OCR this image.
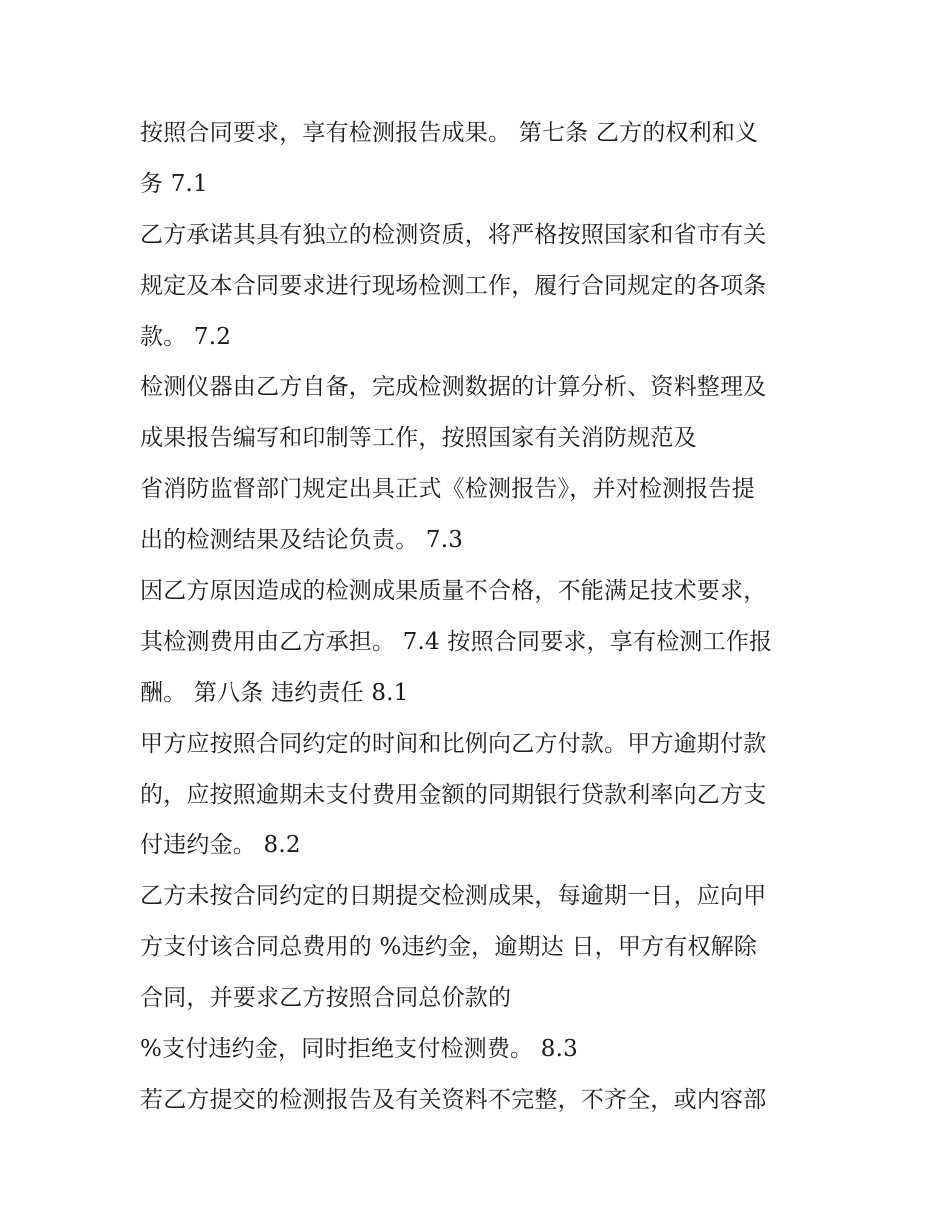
按照合同要求，享有检测报告成果。 第七条 乙方的权利和义
务 7.1
乙方承诺其具有独立的检测资质，将严格按照国家和省市有关
规定及本合同要求进行现场检测工作，履行合同规定的各项条
款。 7.2
检测仪器由乙方自备，完成检测数据的计算分析、资料整理及
成果报告编写和印制等工作，按照国家有关消防规范及
省消防监督部门规定出具正式《检测报告》，并对检测报告提
出的检测结果及结论负责。 7.3
因乙方原因造成的检测成果质量不合格，不能满足技术要求，
其检测费用由乙方承担。 7.4 按照合同要求，享有检测工作报
酬。 第八条 违约责任 8.1
甲方应按照合同约定的时间和比例向乙方付款。甲方逾期付款
的，应按照逾期未支付费用金额的同期银行贷款利率向乙方支
付违约金。 8.2
乙方未按合同约定的日期提交检测成果，每逾期一日，应向甲
方支付该合同总费用的 %违约金，逾期达 日，甲方有权解除
合同，并要求乙方按照合同总价款的
%支付违约金，同时拒绝支付检测费。 8.3
若乙方提交的检测报告及有关资料不完整，不齐全，或内容部
